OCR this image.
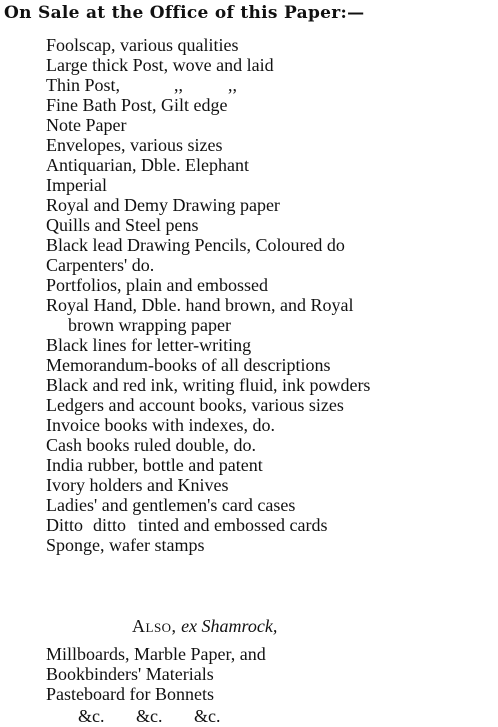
On Sale at the Office of this Paper:—

Foolscap, various qualities
Large thick Post, wove and laid
Thin Post,            ,,          ,,
Fine Bath Post, Gilt edge
Note Paper
Envelopes, various sizes
Antiquarian, Dble. Elephant
Imperial
Royal and Demy Drawing paper
Quills and Steel pens
Black lead Drawing Pencils, Coloured do
Carpenters' do.
Portfolios, plain and embossed
Royal Hand, Dble. hand brown, and Royal
brown wrapping paper
Black lines for letter-writing
Memorandum-books of all descriptions
Black and red ink, writing fluid, ink powders
Ledgers and account books, various sizes
Invoice books with indexes, do.
Cash books ruled double, do.
India rubber, bottle and patent
Ivory holders and Knives
Ladies' and gentlemen's card cases
Ditto ditto tinted and embossed cards
Sponge, wafer stamps

Also, ex Shamrock,

Millboards, Marble Paper, and
Bookbinders' Materials
Pasteboard for Bonnets

&c.   &c.   &c.
